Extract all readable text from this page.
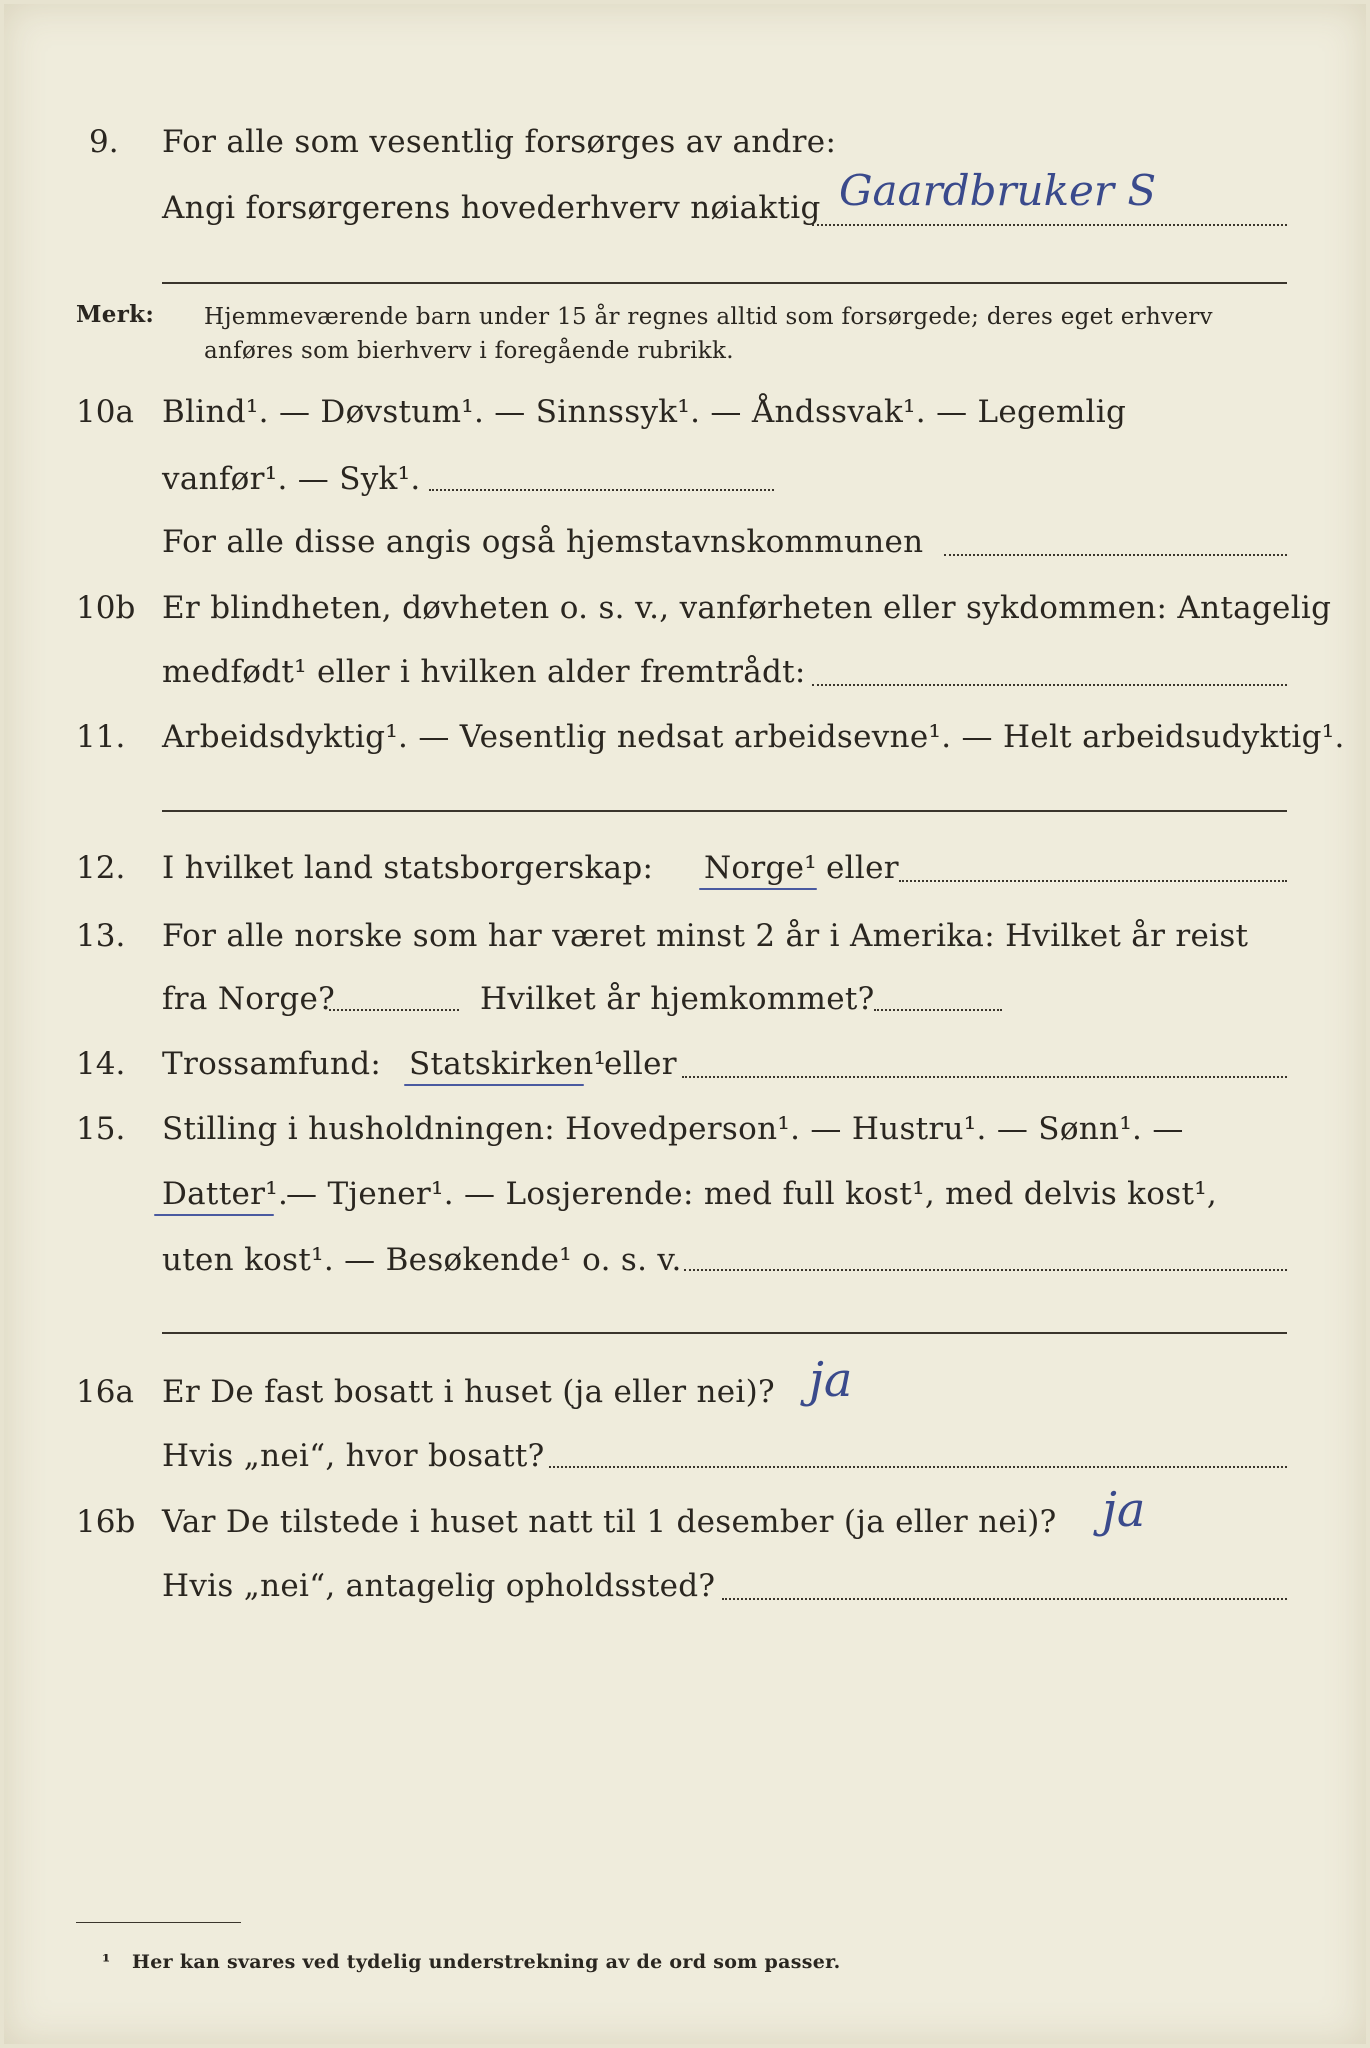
9. For alle som vesentlig forsørges av andre:
Angi forsørgerens hovederhverv nøiaktig Gaardbruker S
Merk: Hjemmeværende barn under 15 år regnes alltid som forsørgede; deres eget erhverv
anføres som bierhverv i foregående rubrikk.
10a Blind¹. — Døvstum¹. — Sinnssyk¹. — Åndssvak¹. — Legemlig
vanfør¹. — Syk¹.
For alle disse angis også hjemstavnskommunen
10b Er blindheten, døvheten o. s. v., vanførheten eller sykdommen: Antagelig
medfødt¹ eller i hvilken alder fremtrådt:
11. Arbeidsdyktig¹. — Vesentlig nedsat arbeidsevne¹. — Helt arbeidsudyktig¹.
12. I hvilket land statsborgerskap: Norge¹ eller
13. For alle norske som har været minst 2 år i Amerika: Hvilket år reist
fra Norge?	Hvilket år hjemkommet?
14. Trossamfund: Statskirken¹
eller
15. Stilling i husholdningen: Hovedperson¹. — Hustru¹. — Sønn¹. —
Datter¹.
— Tjener¹. — Losjerende: med full kost¹, med delvis kost¹,
uten kost¹. — Besøkende¹ o. s. v.
16a Er De fast bosatt i huset (ja eller nei)? ja
Hvis „nei“, hvor bosatt?
16b Var De tilstede i huset natt til 1 desember (ja eller nei)? ja
Hvis „nei“, antagelig opholdssted?
¹ Her kan svares ved tydelig understrekning av de ord som passer.
